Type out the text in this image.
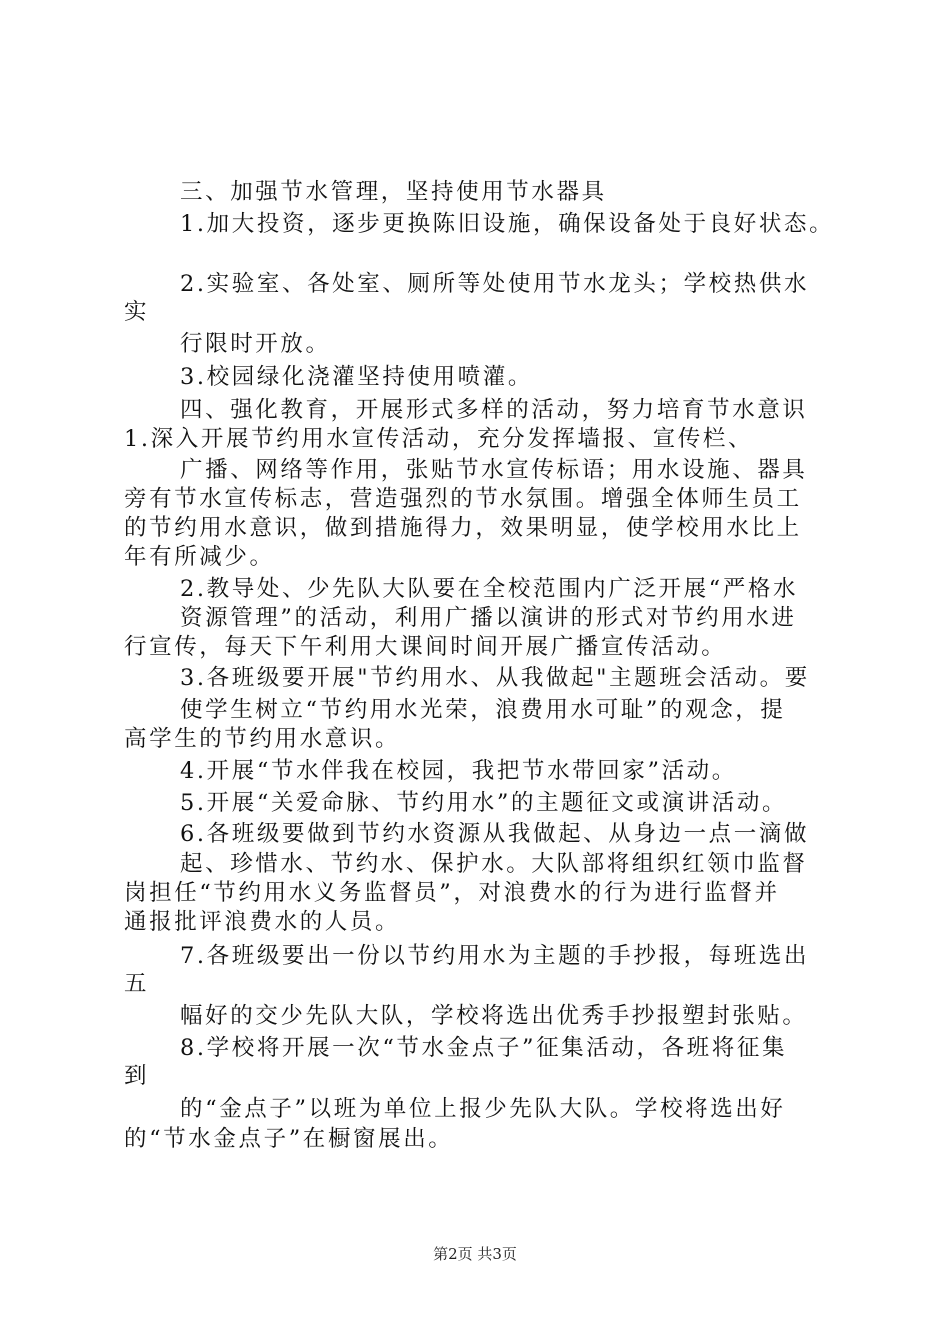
三、加强节水管理，坚持使用节水器具
1.加大投资，逐步更换陈旧设施，确保设备处于良好状态。
2.实验室、各处室、厕所等处使用节水龙头；学校热供水
实
行限时开放。
3.校园绿化浇灌坚持使用喷灌。
四、强化教育，开展形式多样的活动，努力培育节水意识
1.深入开展节约用水宣传活动，充分发挥墙报、宣传栏、
广播、网络等作用，张贴节水宣传标语；用水设施、器具
旁有节水宣传标志，营造强烈的节水氛围。增强全体师生员工
的节约用水意识，做到措施得力，效果明显，使学校用水比上
年有所减少。
2.教导处、少先队大队要在全校范围内广泛开展“严格水
资源管理”的活动，利用广播以演讲的形式对节约用水进
行宣传，每天下午利用大课间时间开展广播宣传活动。
3.各班级要开展"节约用水、从我做起"主题班会活动。要
使学生树立“节约用水光荣，浪费用水可耻”的观念，提
高学生的节约用水意识。
4.开展“节水伴我在校园，我把节水带回家”活动。
5.开展“关爱命脉、节约用水”的主题征文或演讲活动。
6.各班级要做到节约水资源从我做起、从身边一点一滴做
起、珍惜水、节约水、保护水。大队部将组织红领巾监督
岗担任“节约用水义务监督员”，对浪费水的行为进行监督并
通报批评浪费水的人员。
7.各班级要出一份以节约用水为主题的手抄报，每班选出
五
幅好的交少先队大队，学校将选出优秀手抄报塑封张贴。
8.学校将开展一次“节水金点子”征集活动，各班将征集
到
的“金点子”以班为单位上报少先队大队。学校将选出好
的“节水金点子”在橱窗展出。
第2页 共3页
